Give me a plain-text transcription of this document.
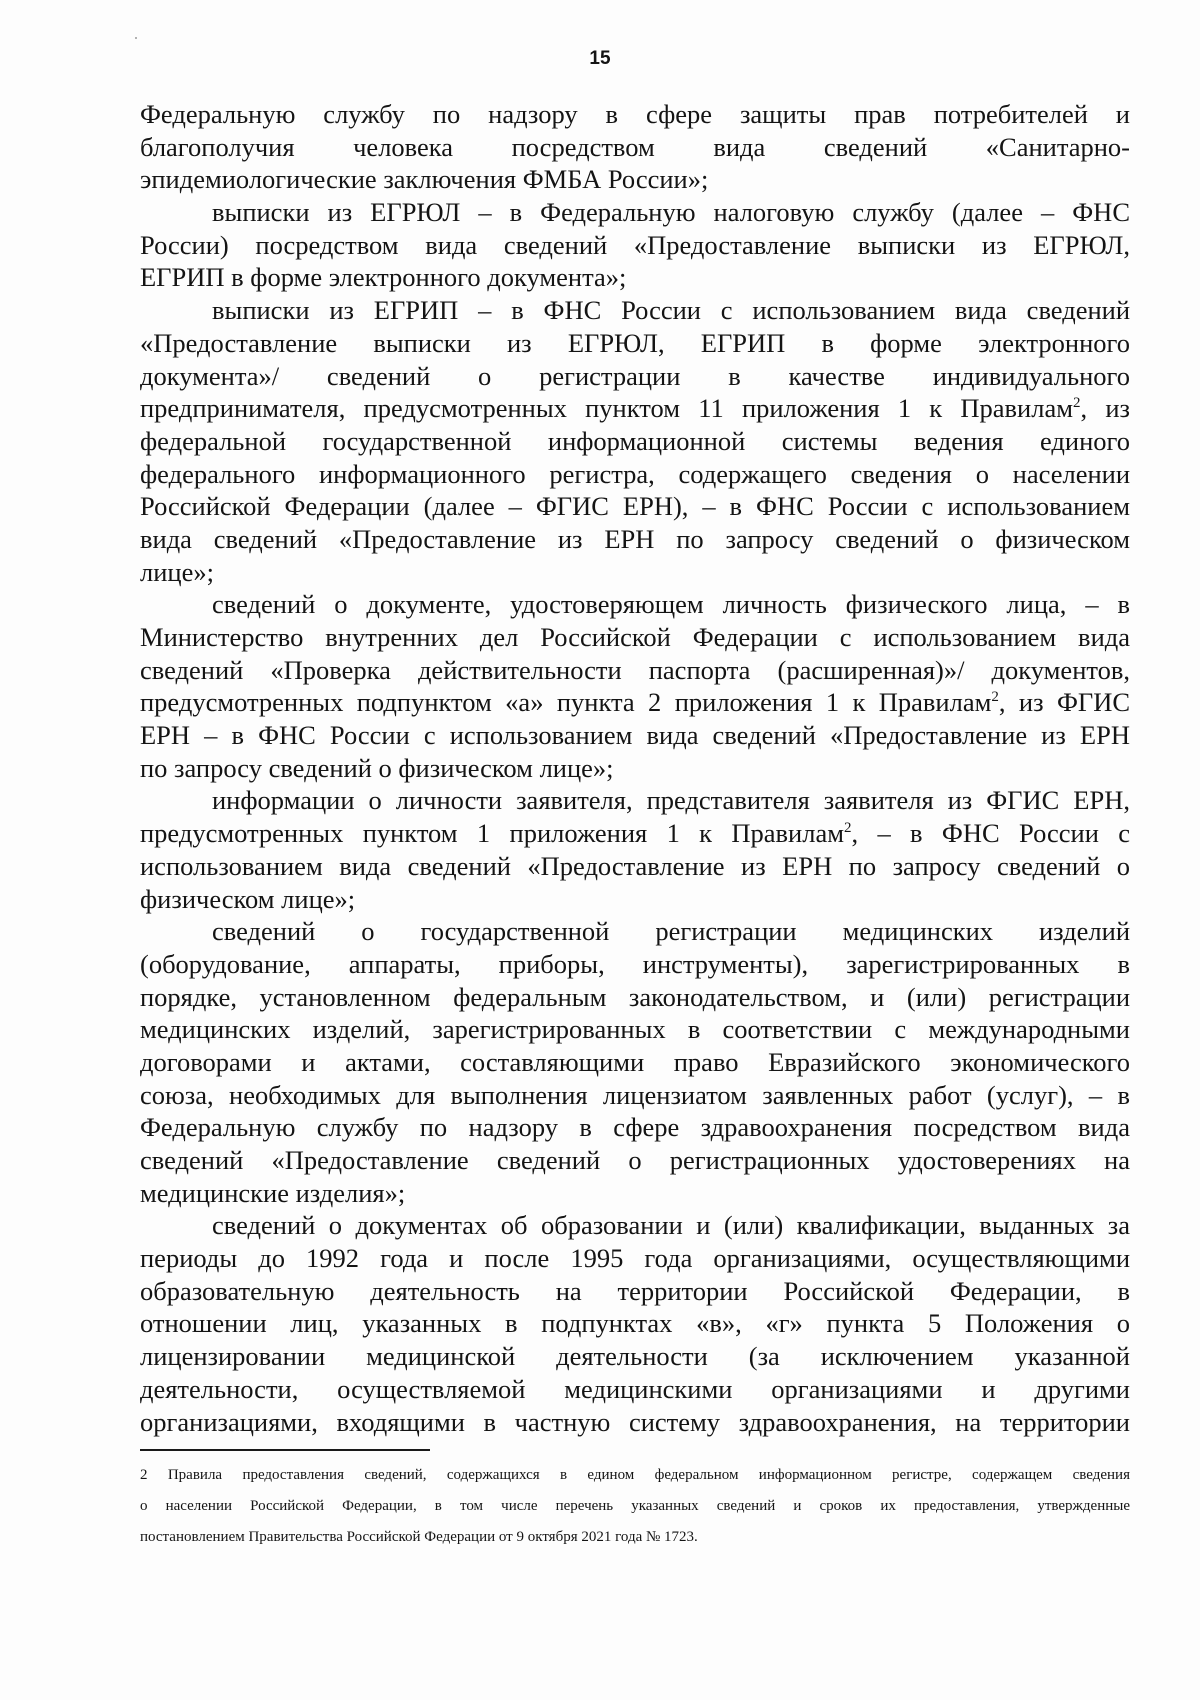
15
Федеральную службу по надзору в сфере защиты прав потребителей и
благополучия человека посредством вида сведений «Санитарно-
эпидемиологические заключения ФМБА России»;
выписки из ЕГРЮЛ – в Федеральную налоговую службу (далее – ФНС
России) посредством вида сведений «Предоставление выписки из ЕГРЮЛ,
ЕГРИП в форме электронного документа»;
выписки из ЕГРИП – в ФНС России с использованием вида сведений
«Предоставление выписки из ЕГРЮЛ, ЕГРИП в форме электронного
документа»/ сведений о регистрации в качестве индивидуального
предпринимателя, предусмотренных пунктом 11 приложения 1 к Правилам$^2$, из
федеральной государственной информационной системы ведения единого
федерального информационного регистра, содержащего сведения о населении
Российской Федерации (далее – ФГИС ЕРН), – в ФНС России с использованием
вида сведений «Предоставление из ЕРН по запросу сведений о физическом
лице»;
сведений о документе, удостоверяющем личность физического лица, – в
Министерство внутренних дел Российской Федерации с использованием вида
сведений «Проверка действительности паспорта (расширенная)»/ документов,
предусмотренных подпунктом «а» пункта 2 приложения 1 к Правилам$^2$, из ФГИС
ЕРН – в ФНС России с использованием вида сведений «Предоставление из ЕРН
по запросу сведений о физическом лице»;
информации о личности заявителя, представителя заявителя из ФГИС ЕРН,
предусмотренных пунктом 1 приложения 1 к Правилам$^2$, – в ФНС России с
использованием вида сведений «Предоставление из ЕРН по запросу сведений о
физическом лице»;
сведений о государственной регистрации медицинских изделий
(оборудование, аппараты, приборы, инструменты), зарегистрированных в
порядке, установленном федеральным законодательством, и (или) регистрации
медицинских изделий, зарегистрированных в соответствии с международными
договорами и актами, составляющими право Евразийского экономического
союза, необходимых для выполнения лицензиатом заявленных работ (услуг), – в
Федеральную службу по надзору в сфере здравоохранения посредством вида
сведений «Предоставление сведений о регистрационных удостоверениях на
медицинские изделия»;
сведений о документах об образовании и (или) квалификации, выданных за
периоды до 1992 года и после 1995 года организациями, осуществляющими
образовательную деятельность на территории Российской Федерации, в
отношении лиц, указанных в подпунктах «в», «г» пункта 5 Положения о
лицензировании медицинской деятельности (за исключением указанной
деятельности, осуществляемой медицинскими организациями и другими
организациями, входящими в частную систему здравоохранения, на территории
2 Правила предоставления сведений, содержащихся в едином федеральном информационном регистре, содержащем сведения
о населении Российской Федерации, в том числе перечень указанных сведений и сроков их предоставления, утвержденные
постановлением Правительства Российской Федерации от 9 октября 2021 года № 1723.
